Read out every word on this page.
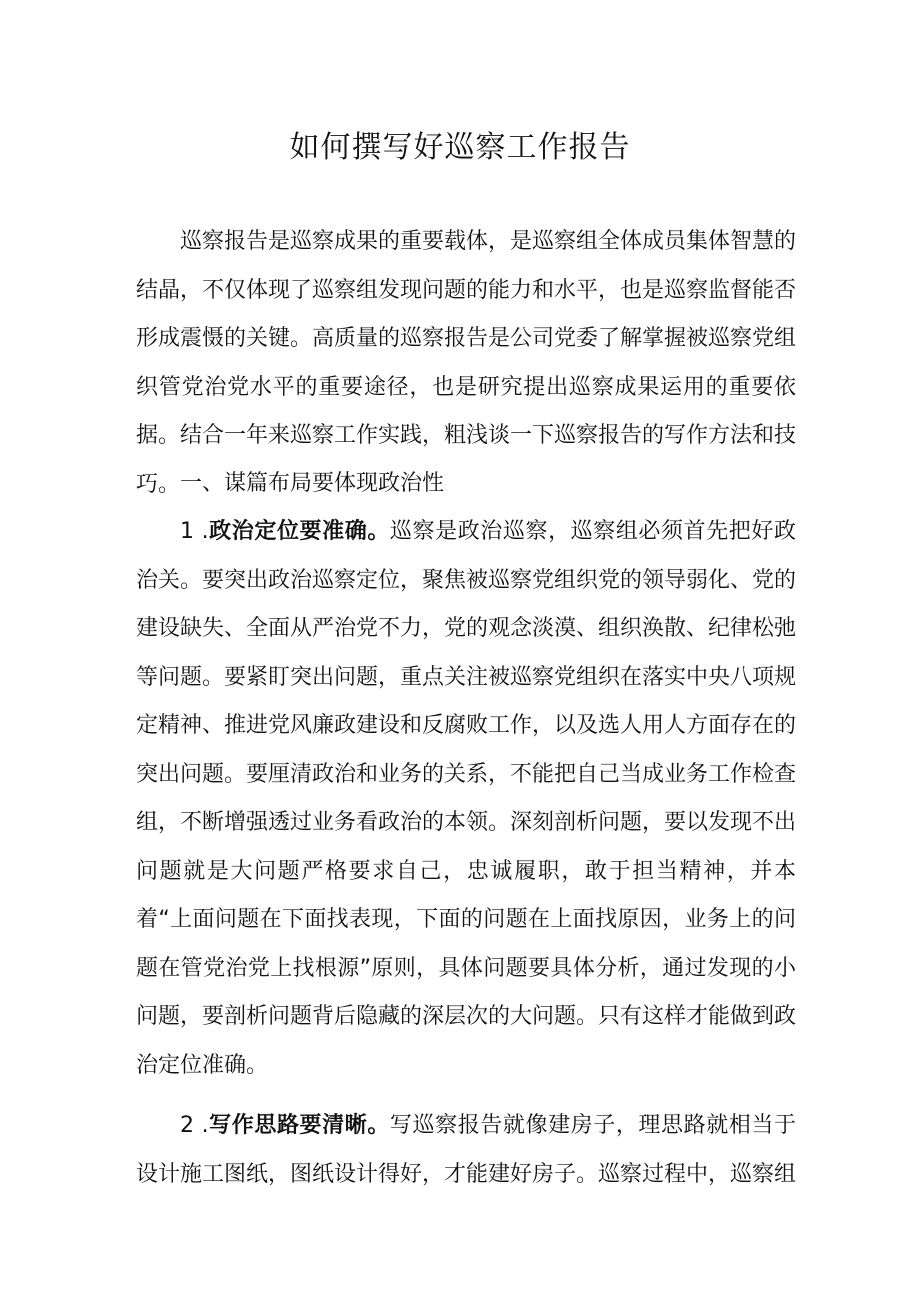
如何撰写好巡察工作报告

巡察报告是巡察成果的重要载体，是巡察组全体成员集体智慧的结晶，不仅体现了巡察组发现问题的能力和水平，也是巡察监督能否形成震慑的关键。高质量的巡察报告是公司党委了解掌握被巡察党组织管党治党水平的重要途径，也是研究提出巡察成果运用的重要依据。结合一年来巡察工作实践，粗浅谈一下巡察报告的写作方法和技巧。 一、谋篇布局要体现政治性

1 .政治定位要准确。巡察是政治巡察，巡察组必须首先把好政治关。要突出政治巡察定位，聚焦被巡察党组织党的领导弱化、党的建设缺失、全面从严治党不力，党的观念淡漠、组织涣散、纪律松弛等问题。要紧盯突出问题，重点关注被巡察党组织在落实中央八项规定精神、推进党风廉政建设和反腐败工作，以及选人用人方面存在的突出问题。要厘清政治和业务的关系，不能把自己当成业务工作检查组，不断增强透过业务看政治的本领。深刻剖析问题，要以发现不出问题就是大问题严格要求自己，忠诚履职，敢于担当精神，并本着“上面问题在下面找表现，下面的问题在上面找原因，业务上的问题在管党治党上找根源”原则，具体问题要具体分析，通过发现的小问题，要剖析问题背后隐藏的深层次的大问题。只有这样才能做到政治定位准确。

2 .写作思路要清晰。写巡察报告就像建房子，理思路就相当于设计施工图纸，图纸设计得好，才能建好房子。巡察过程中，巡察组
